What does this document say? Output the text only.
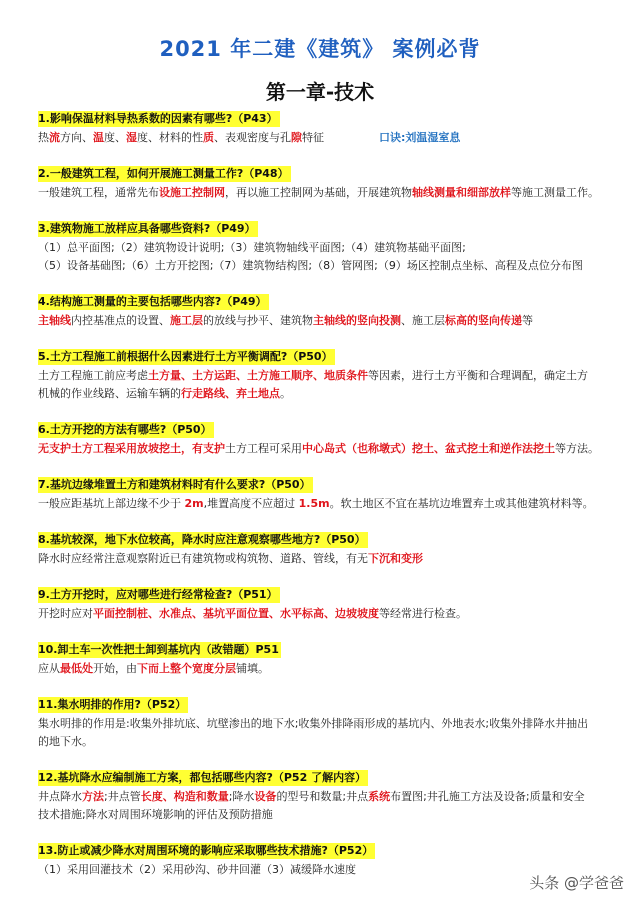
2021 年二建《建筑》 案例必背
第一章-技术
1.影响保温材料导热系数的因素有哪些?（P43）
热流方向、温度、湿度、材料的性质、表观密度与孔隙特征	口诀:刘温湿室息
2.一般建筑工程，如何开展施工测量工作?（P48）
一般建筑工程，通常先布设施工控制网，再以施工控制网为基础，开展建筑物轴线测量和细部放样等施工测量工作。
3.建筑物施工放样应具备哪些资料?（P49）
（1）总平面图;（2）建筑物设计说明;（3）建筑物轴线平面图;（4）建筑物基础平面图;
（5）设备基础图;（6）土方开挖图;（7）建筑物结构图;（8）管网图;（9）场区控制点坐标、高程及点位分布图
4.结构施工测量的主要包括哪些内容?（P49）
主轴线内控基准点的设置、施工层的放线与抄平、建筑物主轴线的竖向投测、施工层标高的竖向传递等
5.土方工程施工前根据什么因素进行土方平衡调配?（P50）
土方工程施工前应考虑土方量、土方运距、土方施工顺序、地质条件等因素，进行土方平衡和合理调配，确定土方
机械的作业线路、运输车辆的行走路线、弃土地点。
6.土方开挖的方法有哪些?（P50）
无支护土方工程采用放坡挖土，有支护土方工程可采用中心岛式（也称墩式）挖土、盆式挖土和逆作法挖土等方法。
7.基坑边缘堆置土方和建筑材料时有什么要求?（P50）
一般应距基坑上部边缘不少于 2m,堆置高度不应超过 1.5m。软土地区不宜在基坑边堆置弃土或其他建筑材料等。
8.基坑较深，地下水位较高，降水时应注意观察哪些地方?（P50）
降水时应经常注意观察附近已有建筑物或构筑物、道路、管线，有无下沉和变形
9.土方开挖时，应对哪些进行经常检查?（P51）
开挖时应对平面控制桩、水准点、基坑平面位置、水平标高、边坡坡度等经常进行检查。
10.卸土车一次性把土卸到基坑内（改错题）P51
应从最低处开始，由下而上整个宽度分层铺填。
11.集水明排的作用?（P52）
集水明排的作用是:收集外排坑底、坑壁渗出的地下水;收集外排降雨形成的基坑内、外地表水;收集外排降水井抽出
的地下水。
12.基坑降水应编制施工方案，都包括哪些内容?（P52 了解内容）
井点降水方法;井点管长度、构造和数量;降水设备的型号和数量;井点系统布置图;井孔施工方法及设备;质量和安全
技术措施;降水对周围环境影响的评估及预防措施
13.防止或减少降水对周围环境的影响应采取哪些技术措施?（P52）
（1）采用回灌技术（2）采用砂沟、砂井回灌（3）减缓降水速度
头条 @学爸爸
